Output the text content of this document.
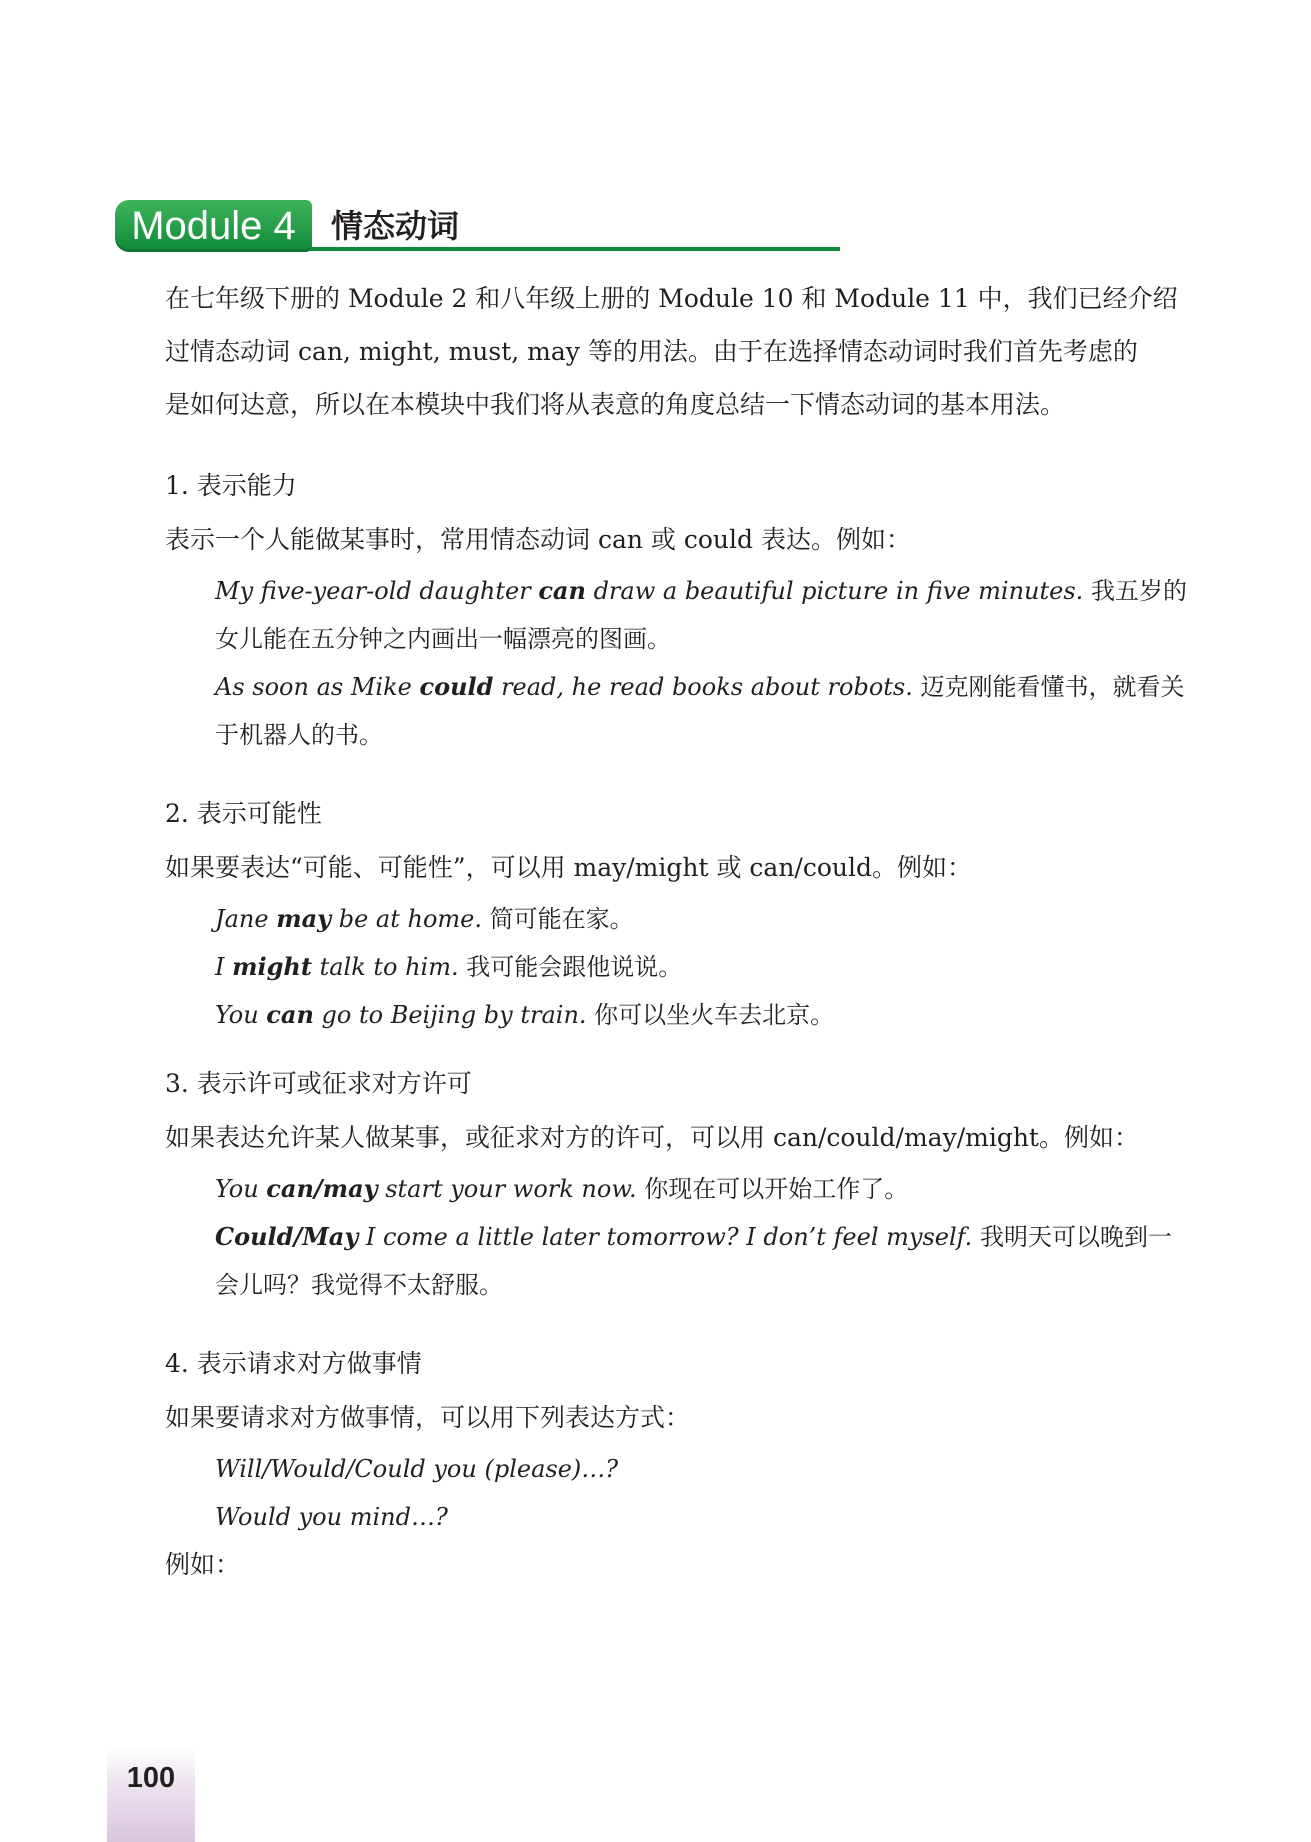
Module 4	情态动词

在七年级下册的 Module 2 和八年级上册的 Module 10 和 Module 11 中，我们已经介绍

过情态动词 can, might, must, may 等的用法。由于在选择情态动词时我们首先考虑的

是如何达意，所以在本模块中我们将从表意的角度总结一下情态动词的基本用法。

1. 表示能力

表示一个人能做某事时，常用情态动词 can 或 could 表达。例如：

My five-year-old daughter can draw a beautiful picture in five minutes. 我五岁的女儿能在五分钟之内画出一幅漂亮的图画。

As soon as Mike could read, he read books about robots. 迈克刚能看懂书，就看关于机器人的书。

2. 表示可能性

如果要表达“可能、可能性”，可以用 may/might 或 can/could。例如：

Jane may be at home. 简可能在家。

I might talk to him. 我可能会跟他说说。

You can go to Beijing by train. 你可以坐火车去北京。

3. 表示许可或征求对方许可

如果表达允许某人做某事，或征求对方的许可，可以用 can/could/may/might。例如：

You can/may start your work now. 你现在可以开始工作了。

Could/May I come a little later tomorrow? I don’t feel myself. 我明天可以晚到一会儿吗？我觉得不太舒服。

4. 表示请求对方做事情

如果要请求对方做事情，可以用下列表达方式：

Will/Would/Could you (please)…?

Would you mind…?

例如：

100
